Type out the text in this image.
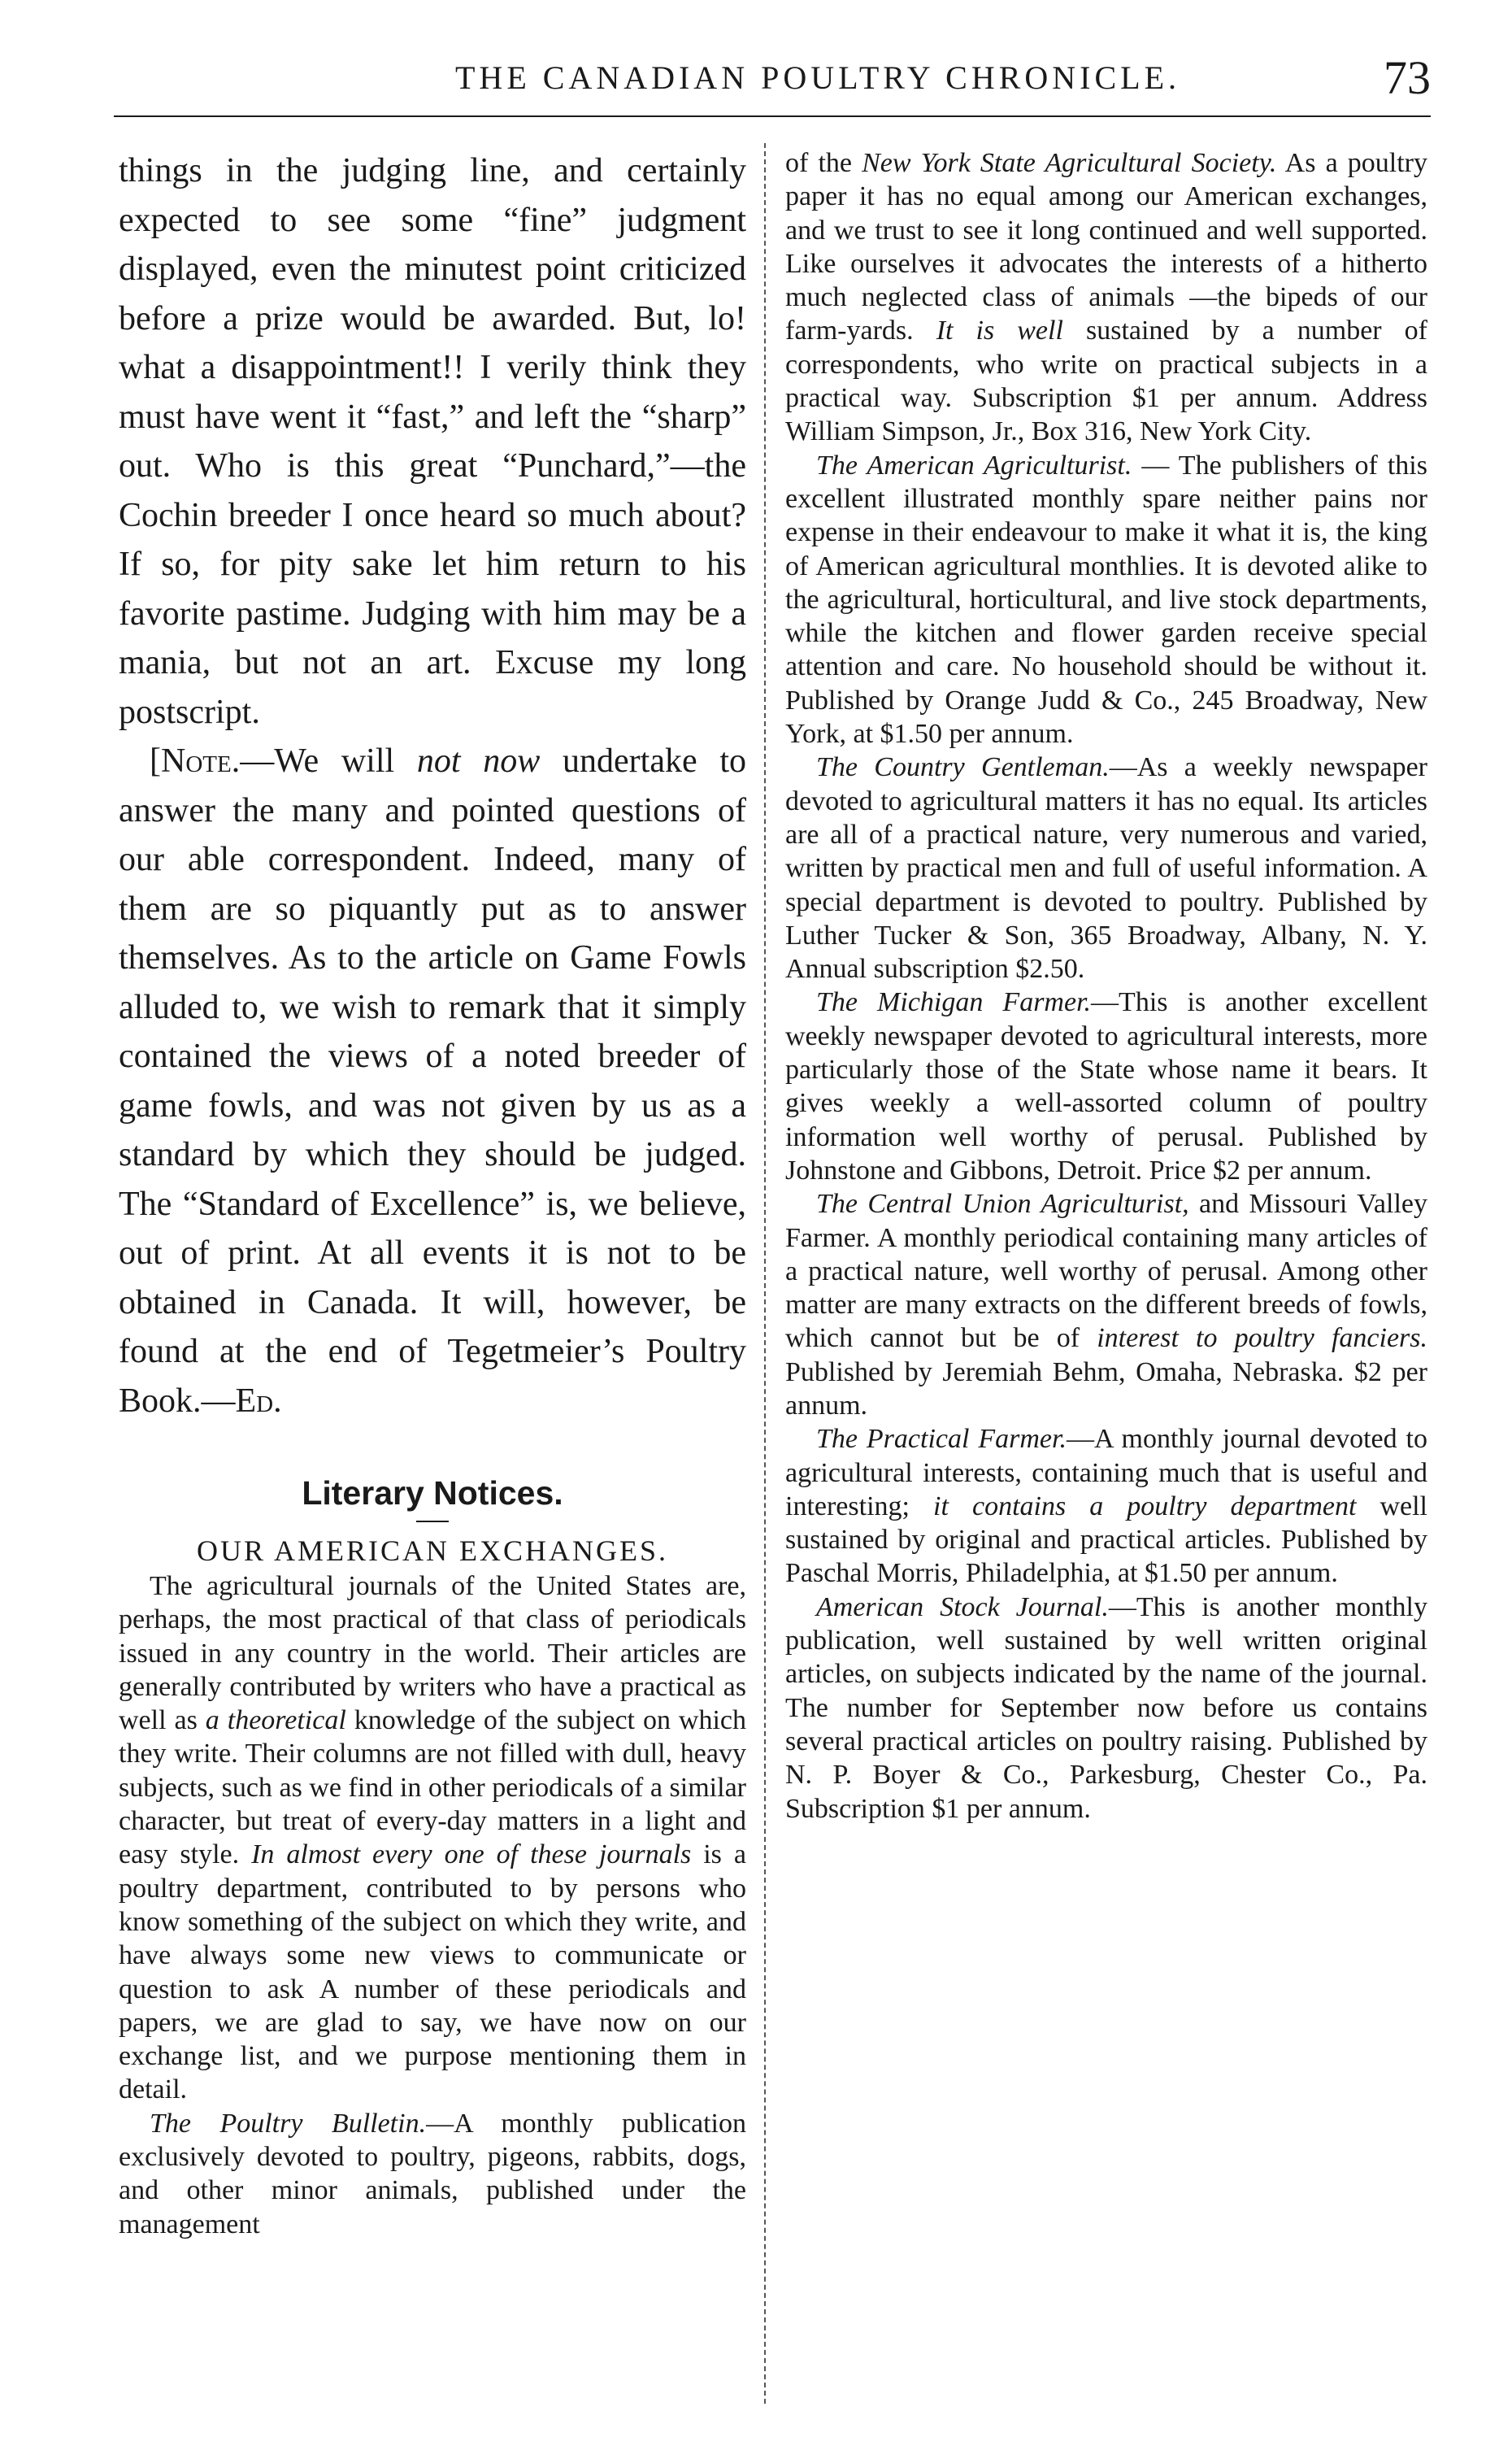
THE CANADIAN POULTRY CHRONICLE.	73

things in the judging line, and certainly expected to see some “fine” judgment displayed, even the minutest point criticized before a prize would be awarded. But, lo! what a disappointment!! I verily think they must have went it “fast,” and left the “sharp” out. Who is this great “Punchard,”—the Cochin breeder I once heard so much about? If so, for pity sake let him return to his favorite pastime. Judging with him may be a mania, but not an art. Excuse my long postscript.

[Note.—We will not now undertake to answer the many and pointed questions of our able correspondent. Indeed, many of them are so piquantly put as to answer themselves. As to the article on Game Fowls alluded to, we wish to remark that it simply contained the views of a noted breeder of game fowls, and was not given by us as a standard by which they should be judged. The “Standard of Excellence” is, we believe, out of print. At all events it is not to be obtained in Canada. It will, however, be found at the end of Tegetmeier’s Poultry Book.—Ed.

Literary Notices.
OUR AMERICAN EXCHANGES.

The agricultural journals of the United States are, perhaps, the most practical of that class of periodicals issued in any country in the world. Their articles are generally contributed by writers who have a practical as well as a theoretical knowledge of the subject on which they write. Their columns are not filled with dull, heavy subjects, such as we find in other periodicals of a similar character, but treat of every-day matters in a light and easy style. In almost every one of these journals is a poultry department, contributed to by persons who know something of the subject on which they write, and have always some new views to communicate or question to ask A number of these periodicals and papers, we are glad to say, we have now on our exchange list, and we purpose mentioning them in detail.

The Poultry Bulletin.—A monthly publication exclusively devoted to poultry, pigeons, rabbits, dogs, and other minor animals, published under the management

of the New York State Agricultural Society. As a poultry paper it has no equal among our American exchanges, and we trust to see it long continued and well supported. Like ourselves it advocates the interests of a hitherto much neglected class of animals —the bipeds of our farm-yards. It is well sustained by a number of correspondents, who write on practical subjects in a practical way. Subscription $1 per annum. Address William Simpson, Jr., Box 316, New York City.

The American Agriculturist. — The publishers of this excellent illustrated monthly spare neither pains nor expense in their endeavour to make it what it is, the king of American agricultural monthlies. It is devoted alike to the agricultural, horticultural, and live stock departments, while the kitchen and flower garden receive special attention and care. No household should be without it. Published by Orange Judd & Co., 245 Broadway, New York, at $1.50 per annum.

The Country Gentleman.—As a weekly newspaper devoted to agricultural matters it has no equal. Its articles are all of a practical nature, very numerous and varied, written by practical men and full of useful information. A special department is devoted to poultry. Published by Luther Tucker & Son, 365 Broadway, Albany, N. Y. Annual subscription $2.50.

The Michigan Farmer.—This is another excellent weekly newspaper devoted to agricultural interests, more particularly those of the State whose name it bears. It gives weekly a well-assorted column of poultry information well worthy of perusal. Published by Johnstone and Gibbons, Detroit. Price $2 per annum.

The Central Union Agriculturist, and Missouri Valley Farmer. A monthly periodical containing many articles of a practical nature, well worthy of perusal. Among other matter are many extracts on the different breeds of fowls, which cannot but be of interest to poultry fanciers. Published by Jeremiah Behm, Omaha, Nebraska. $2 per annum.

The Practical Farmer.—A monthly journal devoted to agricultural interests, containing much that is useful and interesting; it contains a poultry department well sustained by original and practical articles. Published by Paschal Morris, Philadelphia, at $1.50 per annum.

American Stock Journal.—This is another monthly publication, well sustained by well written original articles, on subjects indicated by the name of the journal. The number for September now before us contains several practical articles on poultry raising. Published by N. P. Boyer & Co., Parkesburg, Chester Co., Pa. Subscription $1 per annum.
